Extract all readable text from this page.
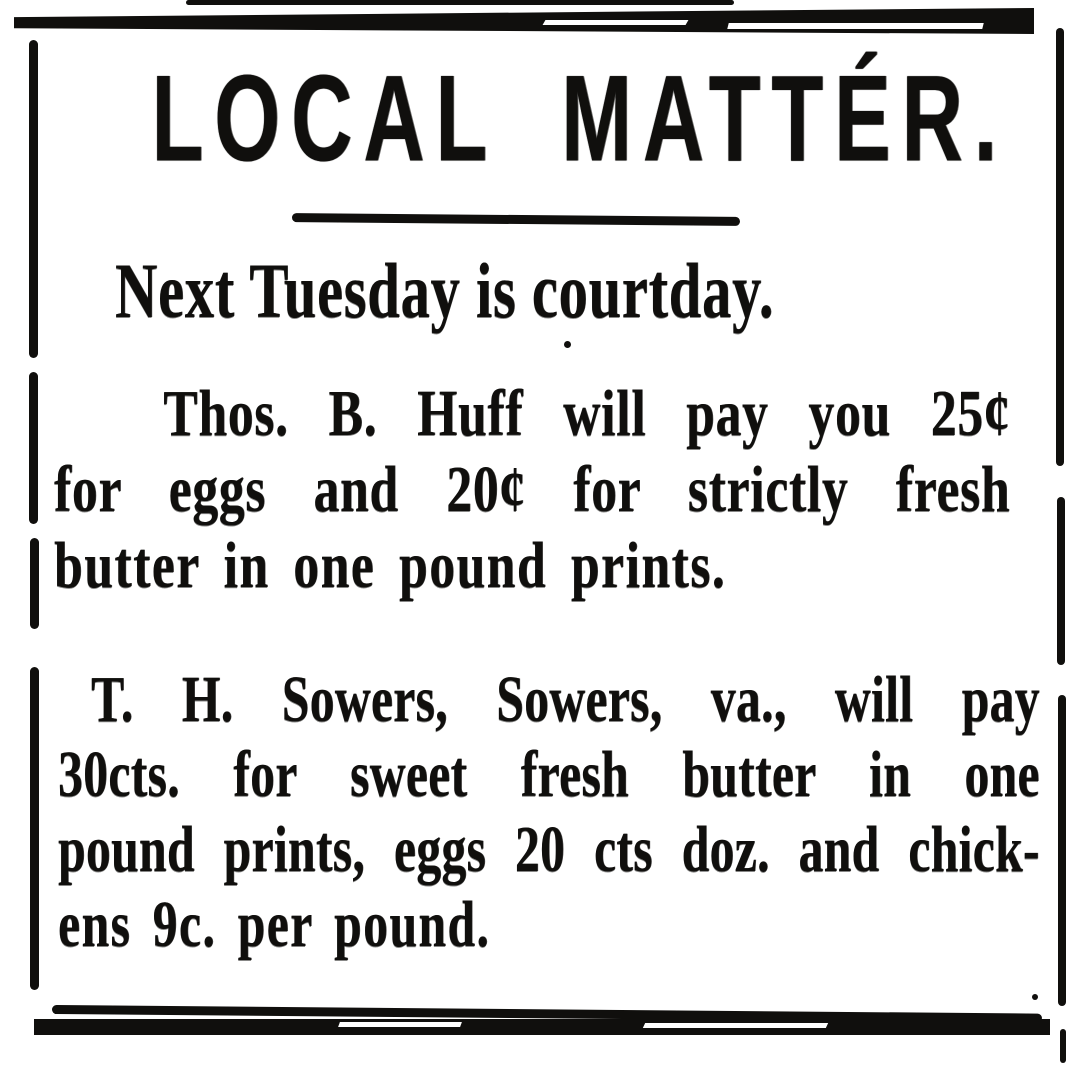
LOCAL MATTÉR.

Next Tuesday is courtday.

Thos. B. Huff will pay you 25¢

for eggs and 20¢ for strictly fresh

butter in one pound prints.

T. H. Sowers, Sowers, va., will pay

30cts. for sweet fresh butter in one

pound prints, eggs 20 cts doz. and chick-

ens 9c. per pound.
